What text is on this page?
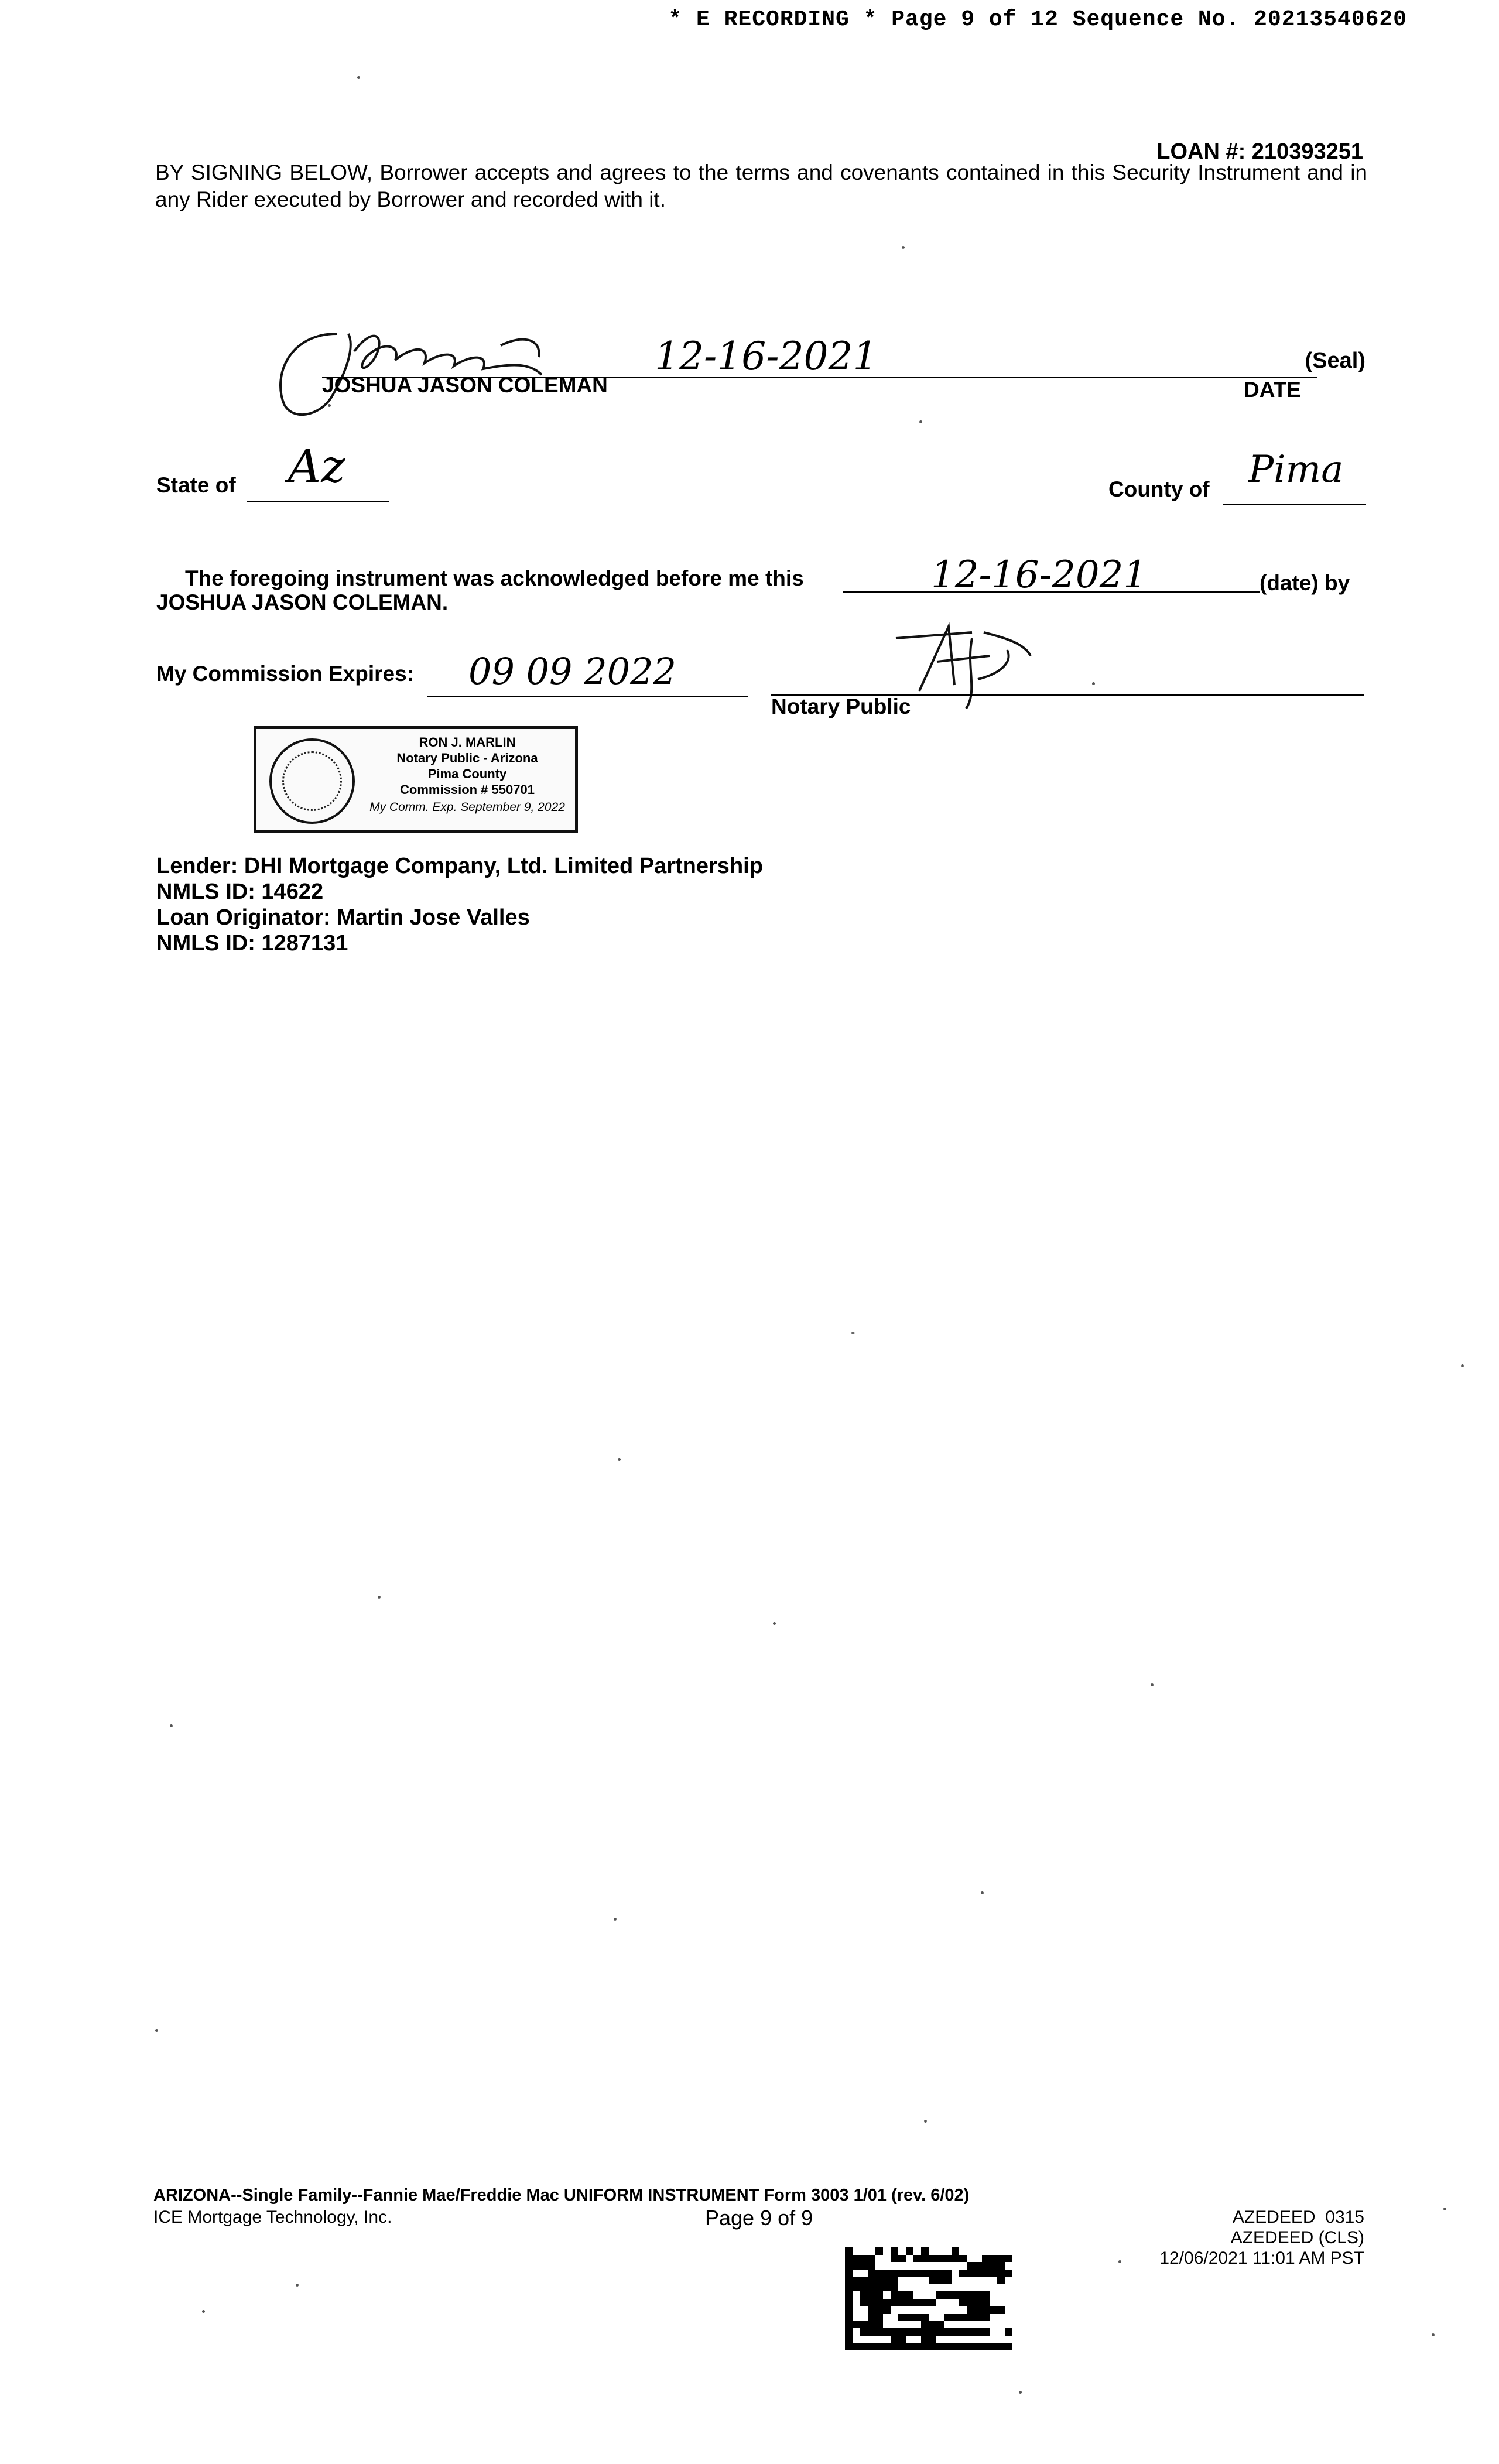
* E RECORDING * Page 9 of 12 Sequence No. 20213540620
LOAN #: 210393251
BY SIGNING BELOW, Borrower accepts and agrees to the terms and covenants contained in this Security Instrument and in any Rider executed by Borrower and recorded with it.
12-16-2021	(Seal)
JOSHUA JASON COLEMAN	DATE
State of Az	County of Pima
The foregoing instrument was acknowledged before me this	12-16-2021	(date) by
JOSHUA JASON COLEMAN.
My Commission Expires: 09 09 2022
Notary Public
RON J. MARLIN
Notary Public - Arizona
Pima County
Commission # 550701
My Comm. Exp. September 9, 2022
Lender: DHI Mortgage Company, Ltd. Limited Partnership
NMLS ID: 14622
Loan Originator: Martin Jose Valles
NMLS ID: 1287131
ARIZONA--Single Family--Fannie Mae/Freddie Mac UNIFORM INSTRUMENT Form 3003 1/01 (rev. 6/02)
ICE Mortgage Technology, Inc.	Page 9 of 9	AZEDEED  0315
AZEDEED (CLS)
12/06/2021 11:01 AM PST
